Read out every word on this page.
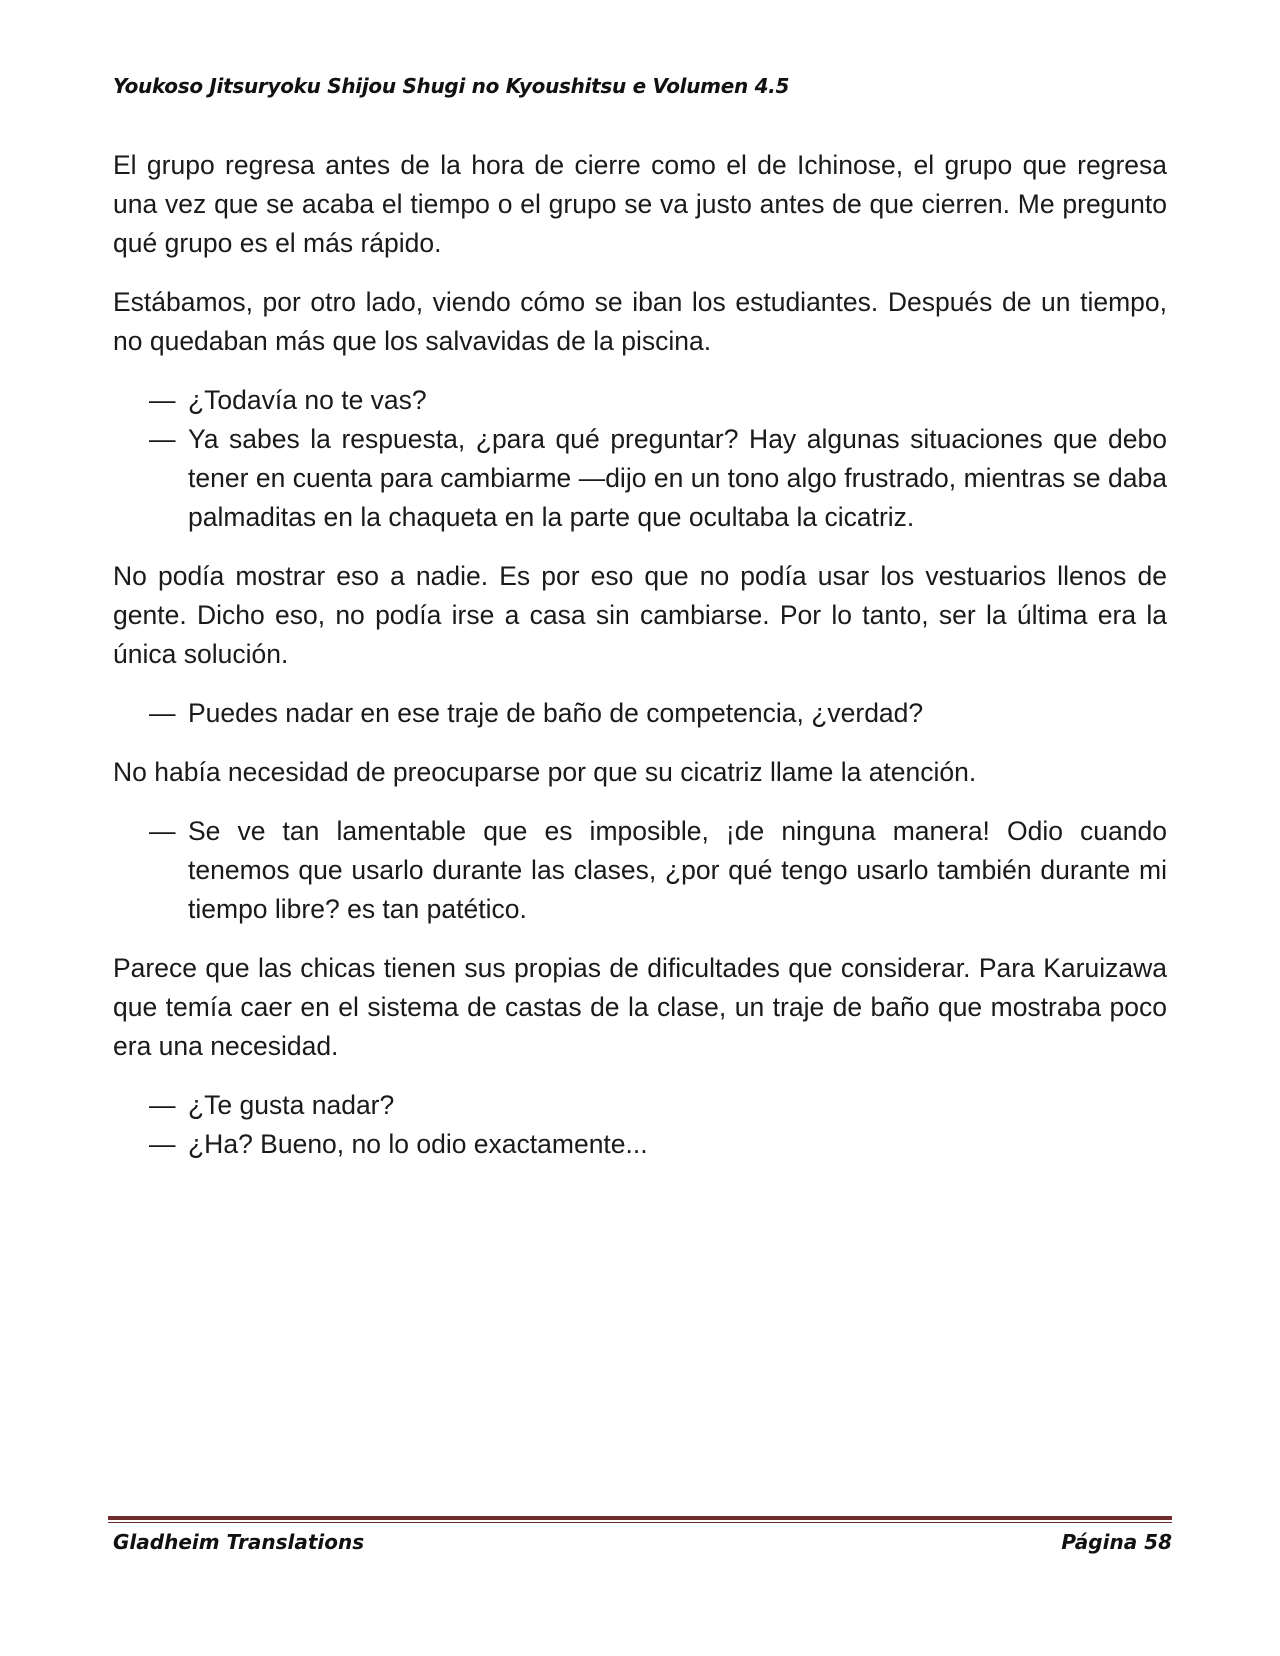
Youkoso Jitsuryoku Shijou Shugi no Kyoushitsu e Volumen 4.5

El grupo regresa antes de la hora de cierre como el de Ichinose, el grupo que regresa una vez que se acaba el tiempo o el grupo se va justo antes de que cierren. Me pregunto qué grupo es el más rápido.

Estábamos, por otro lado, viendo cómo se iban los estudiantes. Después de un tiempo, no quedaban más que los salvavidas de la piscina.

— ¿Todavía no te vas?
— Ya sabes la respuesta, ¿para qué preguntar? Hay algunas situaciones que debo tener en cuenta para cambiarme —dijo en un tono algo frustrado, mientras se daba palmaditas en la chaqueta en la parte que ocultaba la cicatriz.

No podía mostrar eso a nadie. Es por eso que no podía usar los vestuarios llenos de gente. Dicho eso, no podía irse a casa sin cambiarse. Por lo tanto, ser la última era la única solución.

— Puedes nadar en ese traje de baño de competencia, ¿verdad?

No había necesidad de preocuparse por que su cicatriz llame la atención.

— Se ve tan lamentable que es imposible, ¡de ninguna manera! Odio cuando tenemos que usarlo durante las clases, ¿por qué tengo usarlo también durante mi tiempo libre? es tan patético.

Parece que las chicas tienen sus propias de dificultades que considerar. Para Karuizawa que temía caer en el sistema de castas de la clase, un traje de baño que mostraba poco era una necesidad.

— ¿Te gusta nadar?
— ¿Ha? Bueno, no lo odio exactamente...
Gladheim Translations	Página 58
